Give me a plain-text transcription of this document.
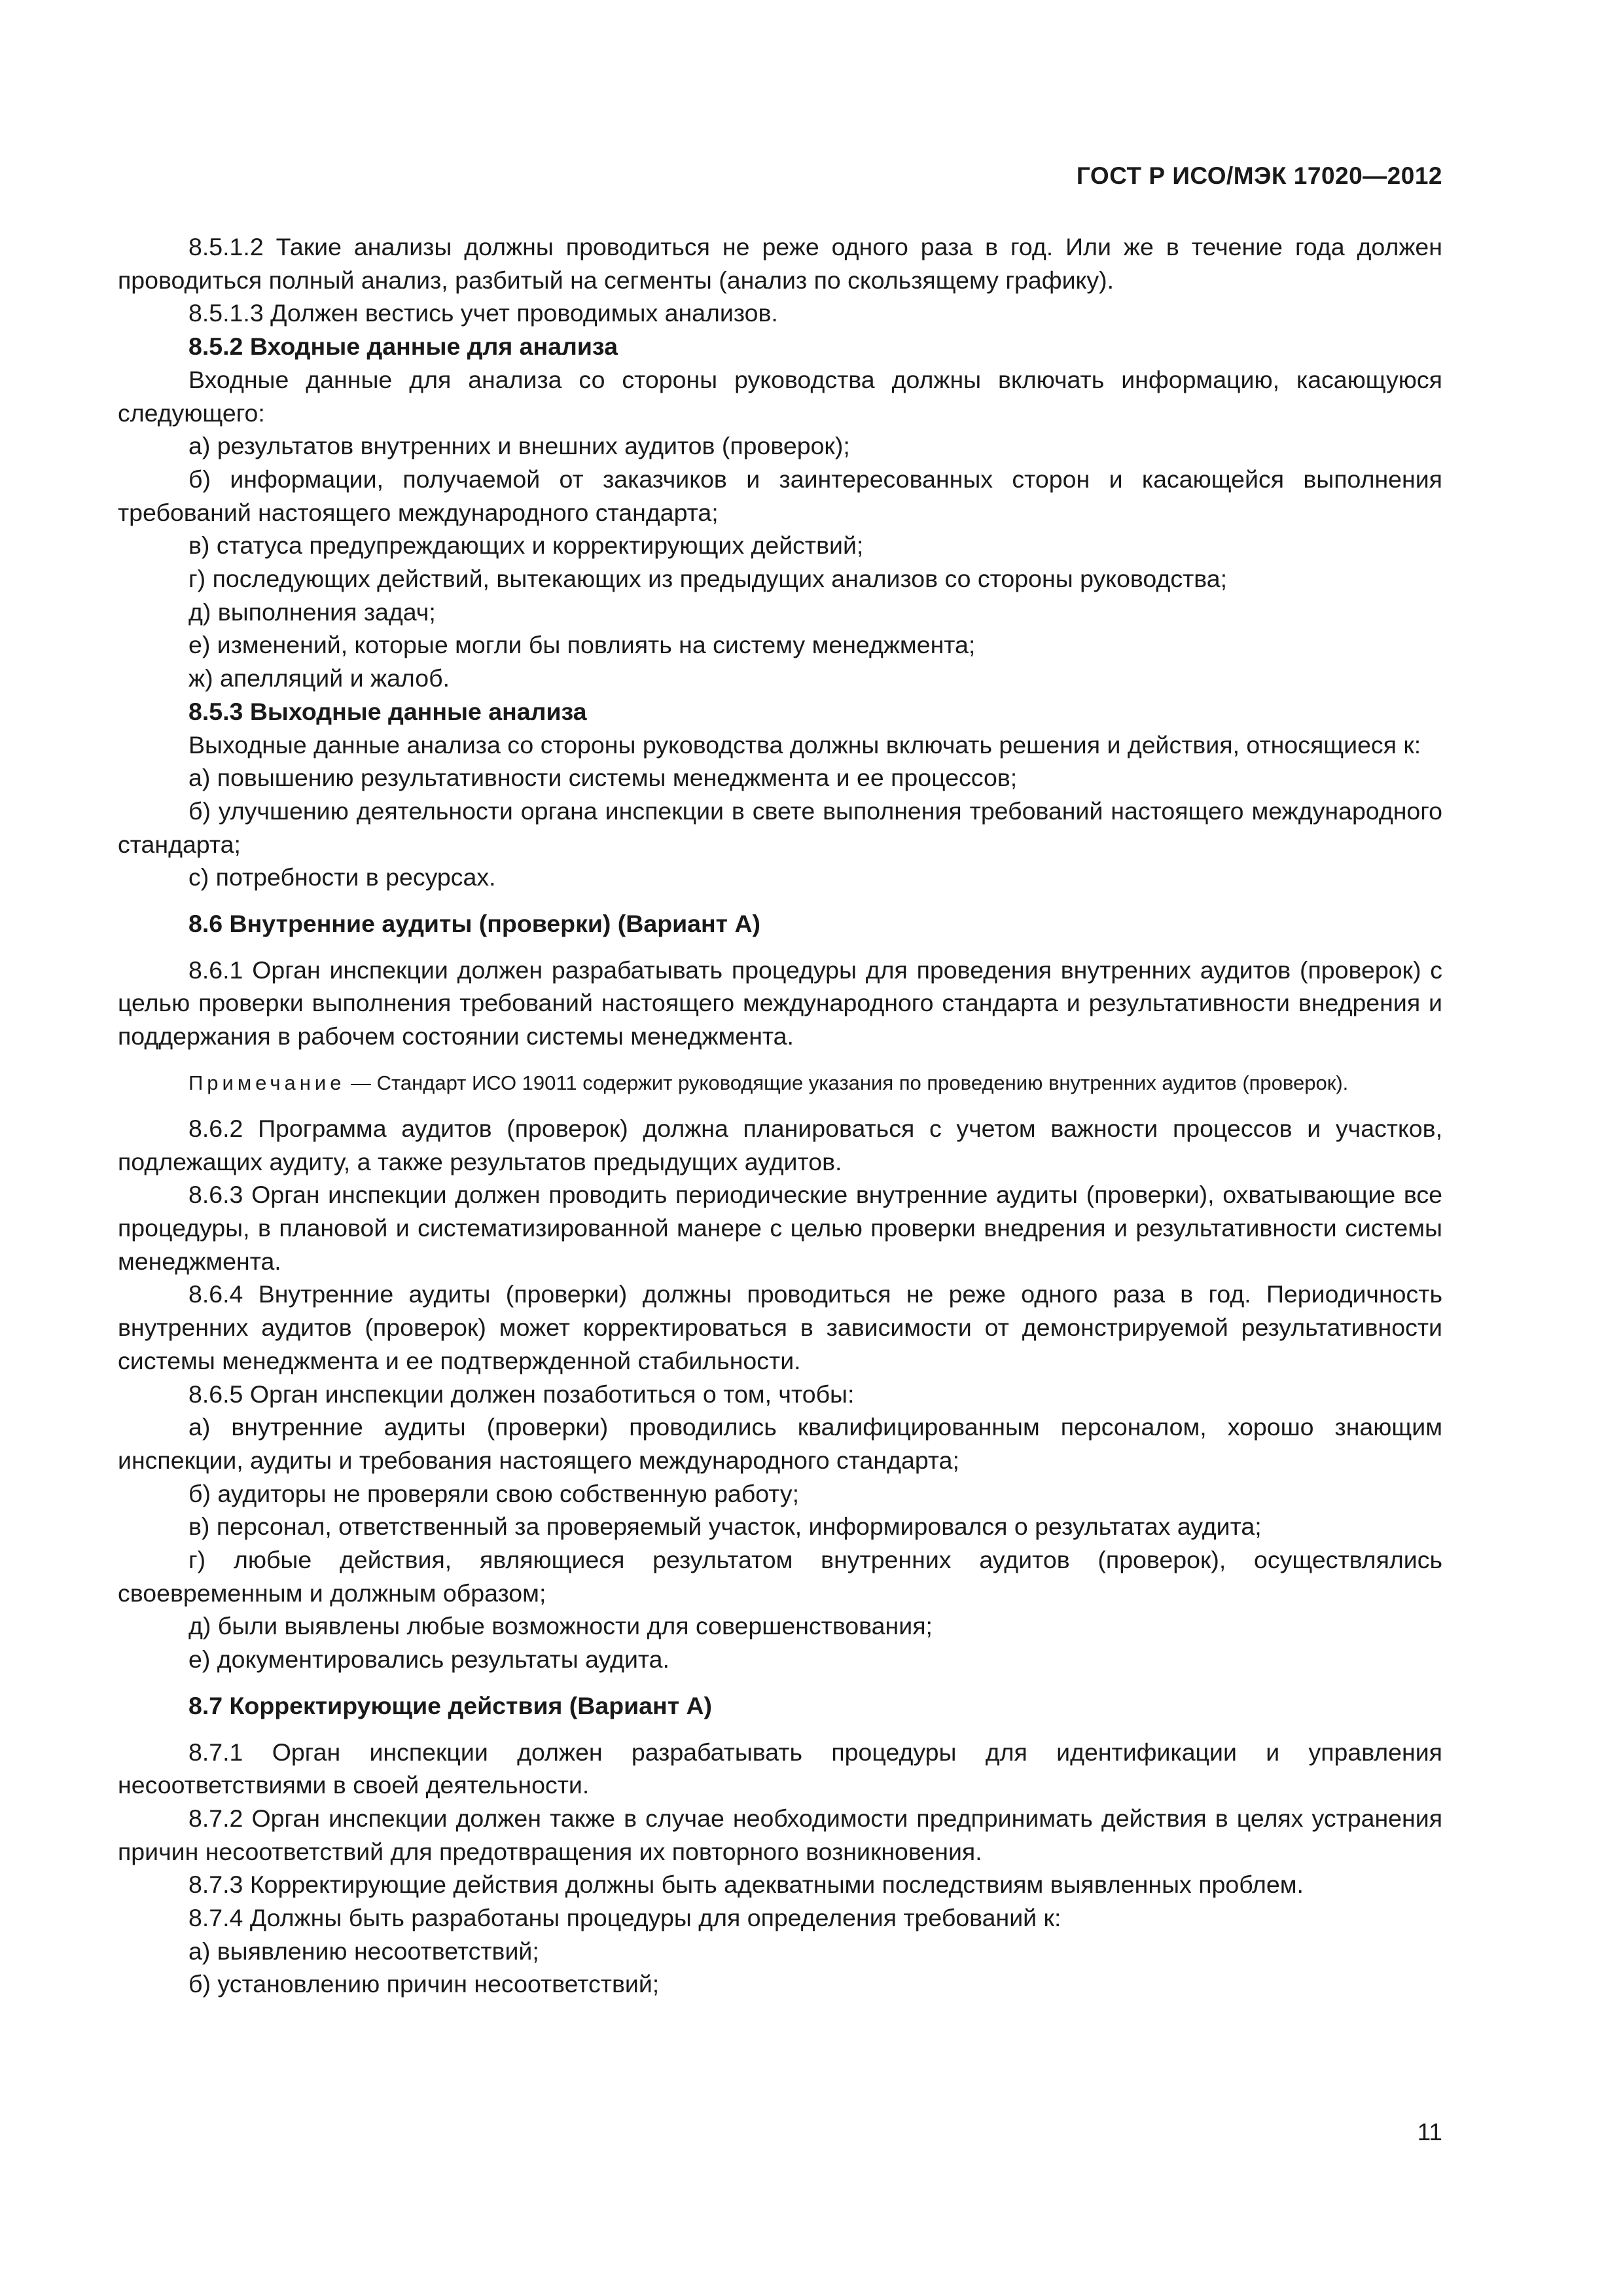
ГОСТ Р ИСО/МЭК 17020—2012

8.5.1.2 Такие анализы должны проводиться не реже одного раза в год. Или же в течение года должен проводиться полный анализ, разбитый на сегменты (анализ по скользящему графику).

8.5.1.3 Должен вестись учет проводимых анализов.

8.5.2 Входные данные для анализа

Входные данные для анализа со стороны руководства должны включать информацию, касающуюся следующего:

a) результатов внутренних и внешних аудитов (проверок);

б) информации, получаемой от заказчиков и заинтересованных сторон и касающейся выполнения требований настоящего международного стандарта;

в) статуса предупреждающих и корректирующих действий;

г) последующих действий, вытекающих из предыдущих анализов со стороны руководства;

д) выполнения задач;

е) изменений, которые могли бы повлиять на систему менеджмента;

ж) апелляций и жалоб.

8.5.3 Выходные данные анализа

Выходные данные анализа со стороны руководства должны включать решения и действия, относящиеся к:

a) повышению результативности системы менеджмента и ее процессов;

б) улучшению деятельности органа инспекции в свете выполнения требований настоящего международного стандарта;

c) потребности в ресурсах.

8.6 Внутренние аудиты (проверки) (Вариант А)

8.6.1 Орган инспекции должен разрабатывать процедуры для проведения внутренних аудитов (проверок) с целью проверки выполнения требований настоящего международного стандарта и результативности внедрения и поддержания в рабочем состоянии системы менеджмента.

Примечание — Стандарт ИСО 19011 содержит руководящие указания по проведению внутренних аудитов (проверок).

8.6.2 Программа аудитов (проверок) должна планироваться с учетом важности процессов и участков, подлежащих аудиту, а также результатов предыдущих аудитов.

8.6.3 Орган инспекции должен проводить периодические внутренние аудиты (проверки), охватывающие все процедуры, в плановой и систематизированной манере с целью проверки внедрения и результативности системы менеджмента.

8.6.4 Внутренние аудиты (проверки) должны проводиться не реже одного раза в год. Периодичность внутренних аудитов (проверок) может корректироваться в зависимости от демонстрируемой результативности системы менеджмента и ее подтвержденной стабильности.

8.6.5 Орган инспекции должен позаботиться о том, чтобы:

a) внутренние аудиты (проверки) проводились квалифицированным персоналом, хорошо знающим инспекции, аудиты и требования настоящего международного стандарта;

б) аудиторы не проверяли свою собственную работу;

в) персонал, ответственный за проверяемый участок, информировался о результатах аудита;

г) любые действия, являющиеся результатом внутренних аудитов (проверок), осуществлялись своевременным и должным образом;

д) были выявлены любые возможности для совершенствования;

е) документировались результаты аудита.

8.7 Корректирующие действия (Вариант А)

8.7.1 Орган инспекции должен разрабатывать процедуры для идентификации и управления несоответствиями в своей деятельности.

8.7.2 Орган инспекции должен также в случае необходимости предпринимать действия в целях устранения причин несоответствий для предотвращения их повторного возникновения.

8.7.3 Корректирующие действия должны быть адекватными последствиям выявленных проблем.

8.7.4 Должны быть разработаны процедуры для определения требований к:

a) выявлению несоответствий;

б) установлению причин несоответствий;

11
